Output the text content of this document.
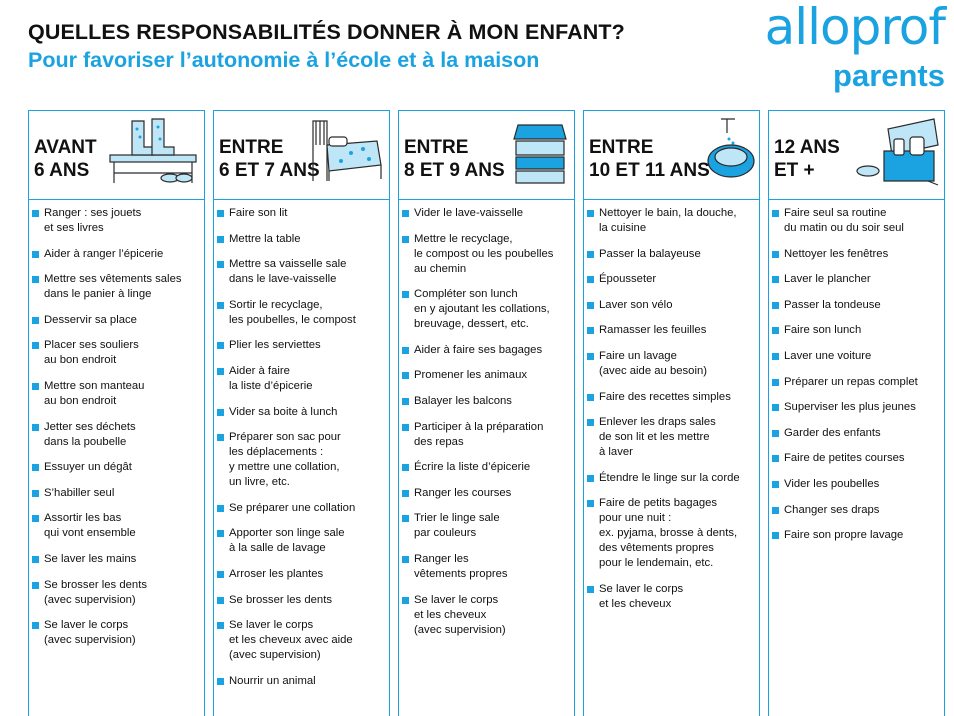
QUELLES RESPONSABILITÉS DONNER À MON ENFANT?
Pour favoriser l’autonomie à l’école et à la maison
alloprof
parents
AVANT
6 ANS
Ranger : ses jouets
et ses livres
Aider à ranger l’épicerie
Mettre ses vêtements sales
dans le panier à linge
Desservir sa place
Placer ses souliers
au bon endroit
Mettre son manteau
au bon endroit
Jetter ses déchets
dans la poubelle
Essuyer un dégât
S’habiller seul
Assortir les bas
qui vont ensemble
Se laver les mains
Se brosser les dents
(avec supervision)
Se laver le corps
(avec supervision)
ENTRE
6 ET 7 ANS
Faire son lit
Mettre la table
Mettre sa vaisselle sale
dans le lave-vaisselle
Sortir le recyclage,
les poubelles, le compost
Plier les serviettes
Aider à faire
la liste d’épicerie
Vider sa boite à lunch
Préparer son sac pour
les déplacements :
y mettre une collation,
un livre, etc.
Se préparer une collation
Apporter son linge sale
à la salle de lavage
Arroser les plantes
Se brosser les dents
Se laver le corps
et les cheveux avec aide
(avec supervision)
Nourrir un animal
ENTRE
8 ET 9 ANS
Vider le lave-vaisselle
Mettre le recyclage,
le compost ou les poubelles
au chemin
Compléter son lunch
en y ajoutant les collations,
breuvage, dessert, etc.
Aider à faire ses bagages
Promener les animaux
Balayer les balcons
Participer à la préparation
des repas
Écrire la liste d’épicerie
Ranger les courses
Trier le linge sale
par couleurs
Ranger les
vêtements propres
Se laver le corps
et les cheveux
(avec supervision)
ENTRE
10 ET 11 ANS
Nettoyer le bain, la douche,
la cuisine
Passer la balayeuse
Épousseter
Laver son vélo
Ramasser les feuilles
Faire un lavage
(avec aide au besoin)
Faire des recettes simples
Enlever les draps sales
de son lit et les mettre
à laver
Étendre le linge sur la corde
Faire de petits bagages
pour une nuit :
ex. pyjama, brosse à dents,
des vêtements propres
pour le lendemain, etc.
Se laver le corps
et les cheveux
12 ANS
ET +
Faire seul sa routine
du matin ou du soir seul
Nettoyer les fenêtres
Laver le plancher
Passer la tondeuse
Faire son lunch
Laver une voiture
Préparer un repas complet
Superviser les plus jeunes
Garder des enfants
Faire de petites courses
Vider les poubelles
Changer ses draps
Faire son propre lavage
